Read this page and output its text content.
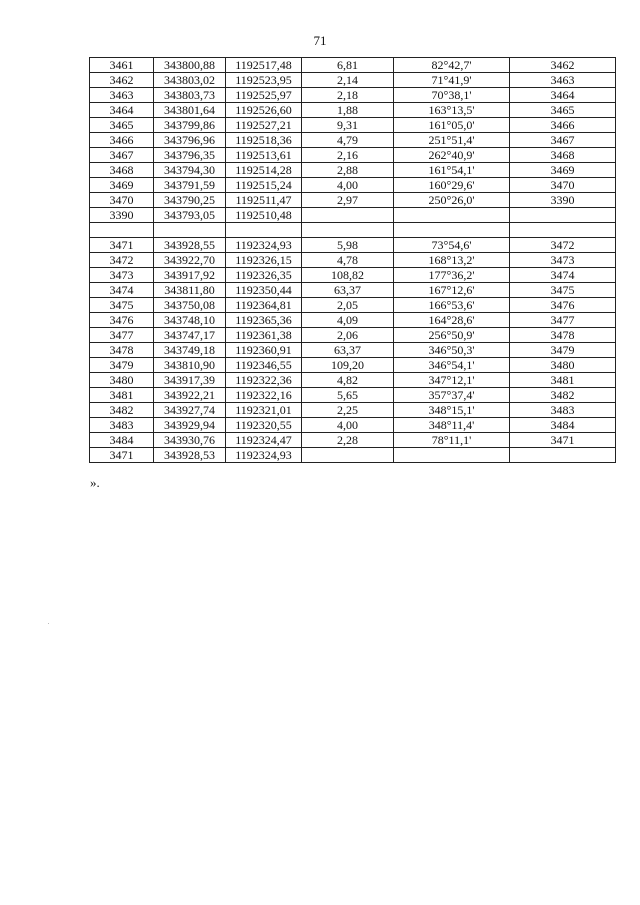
71
3461	343800,88	1192517,48	6,81	82°42,7'	3462
3462	343803,02	1192523,95	2,14	71°41,9'	3463
3463	343803,73	1192525,97	2,18	70°38,1'	3464
3464	343801,64	1192526,60	1,88	163°13,5'	3465
3465	343799,86	1192527,21	9,31	161°05,0'	3466
3466	343796,96	1192518,36	4,79	251°51,4'	3467
3467	343796,35	1192513,61	2,16	262°40,9'	3468
3468	343794,30	1192514,28	2,88	161°54,1'	3469
3469	343791,59	1192515,24	4,00	160°29,6'	3470
3470	343790,25	1192511,47	2,97	250°26,0'	3390
3390	343793,05	1192510,48			

3471	343928,55	1192324,93	5,98	73°54,6'	3472
3472	343922,70	1192326,15	4,78	168°13,2'	3473
3473	343917,92	1192326,35	108,82	177°36,2'	3474
3474	343811,80	1192350,44	63,37	167°12,6'	3475
3475	343750,08	1192364,81	2,05	166°53,6'	3476
3476	343748,10	1192365,36	4,09	164°28,6'	3477
3477	343747,17	1192361,38	2,06	256°50,9'	3478
3478	343749,18	1192360,91	63,37	346°50,3'	3479
3479	343810,90	1192346,55	109,20	346°54,1'	3480
3480	343917,39	1192322,36	4,82	347°12,1'	3481
3481	343922,21	1192322,16	5,65	357°37,4'	3482
3482	343927,74	1192321,01	2,25	348°15,1'	3483
3483	343929,94	1192320,55	4,00	348°11,4'	3484
3484	343930,76	1192324,47	2,28	78°11,1'	3471
3471	343928,53	1192324,93			
».
